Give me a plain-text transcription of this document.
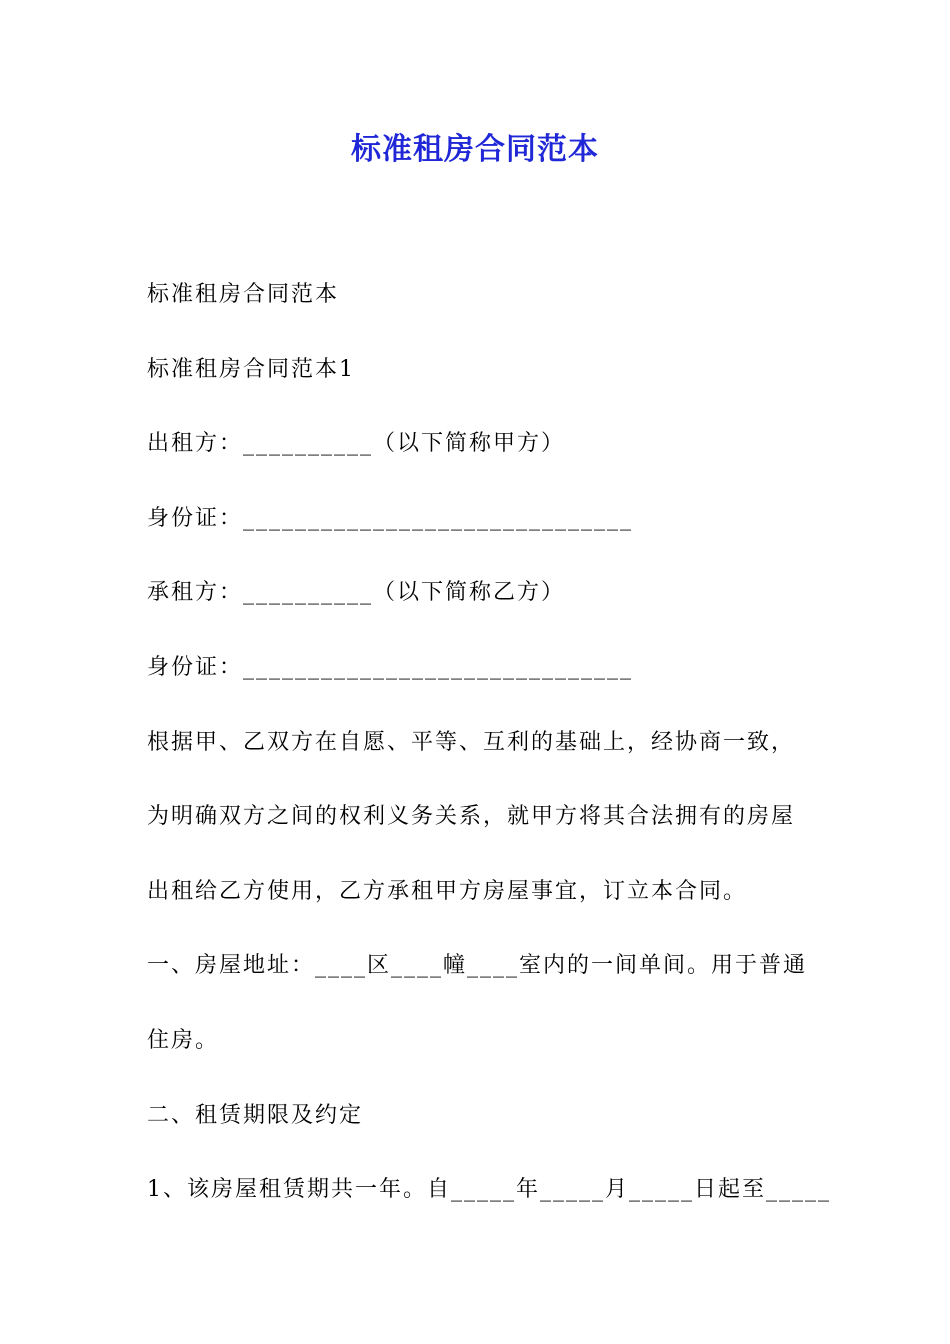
标准租房合同范本
标准租房合同范本
标准租房合同范本1
出租方：__________（以下简称甲方）
身份证：______________________________
承租方：__________（以下简称乙方）
身份证：______________________________
根据甲、乙双方在自愿、平等、互利的基础上，经协商一致，
为明确双方之间的权利义务关系，就甲方将其合法拥有的房屋
出租给乙方使用，乙方承租甲方房屋事宜，订立本合同。
一、房屋地址：____区____幢____室内的一间单间。用于普通
住房。
二、租赁期限及约定
1、该房屋租赁期共一年。自_____年_____月_____日起至_____
